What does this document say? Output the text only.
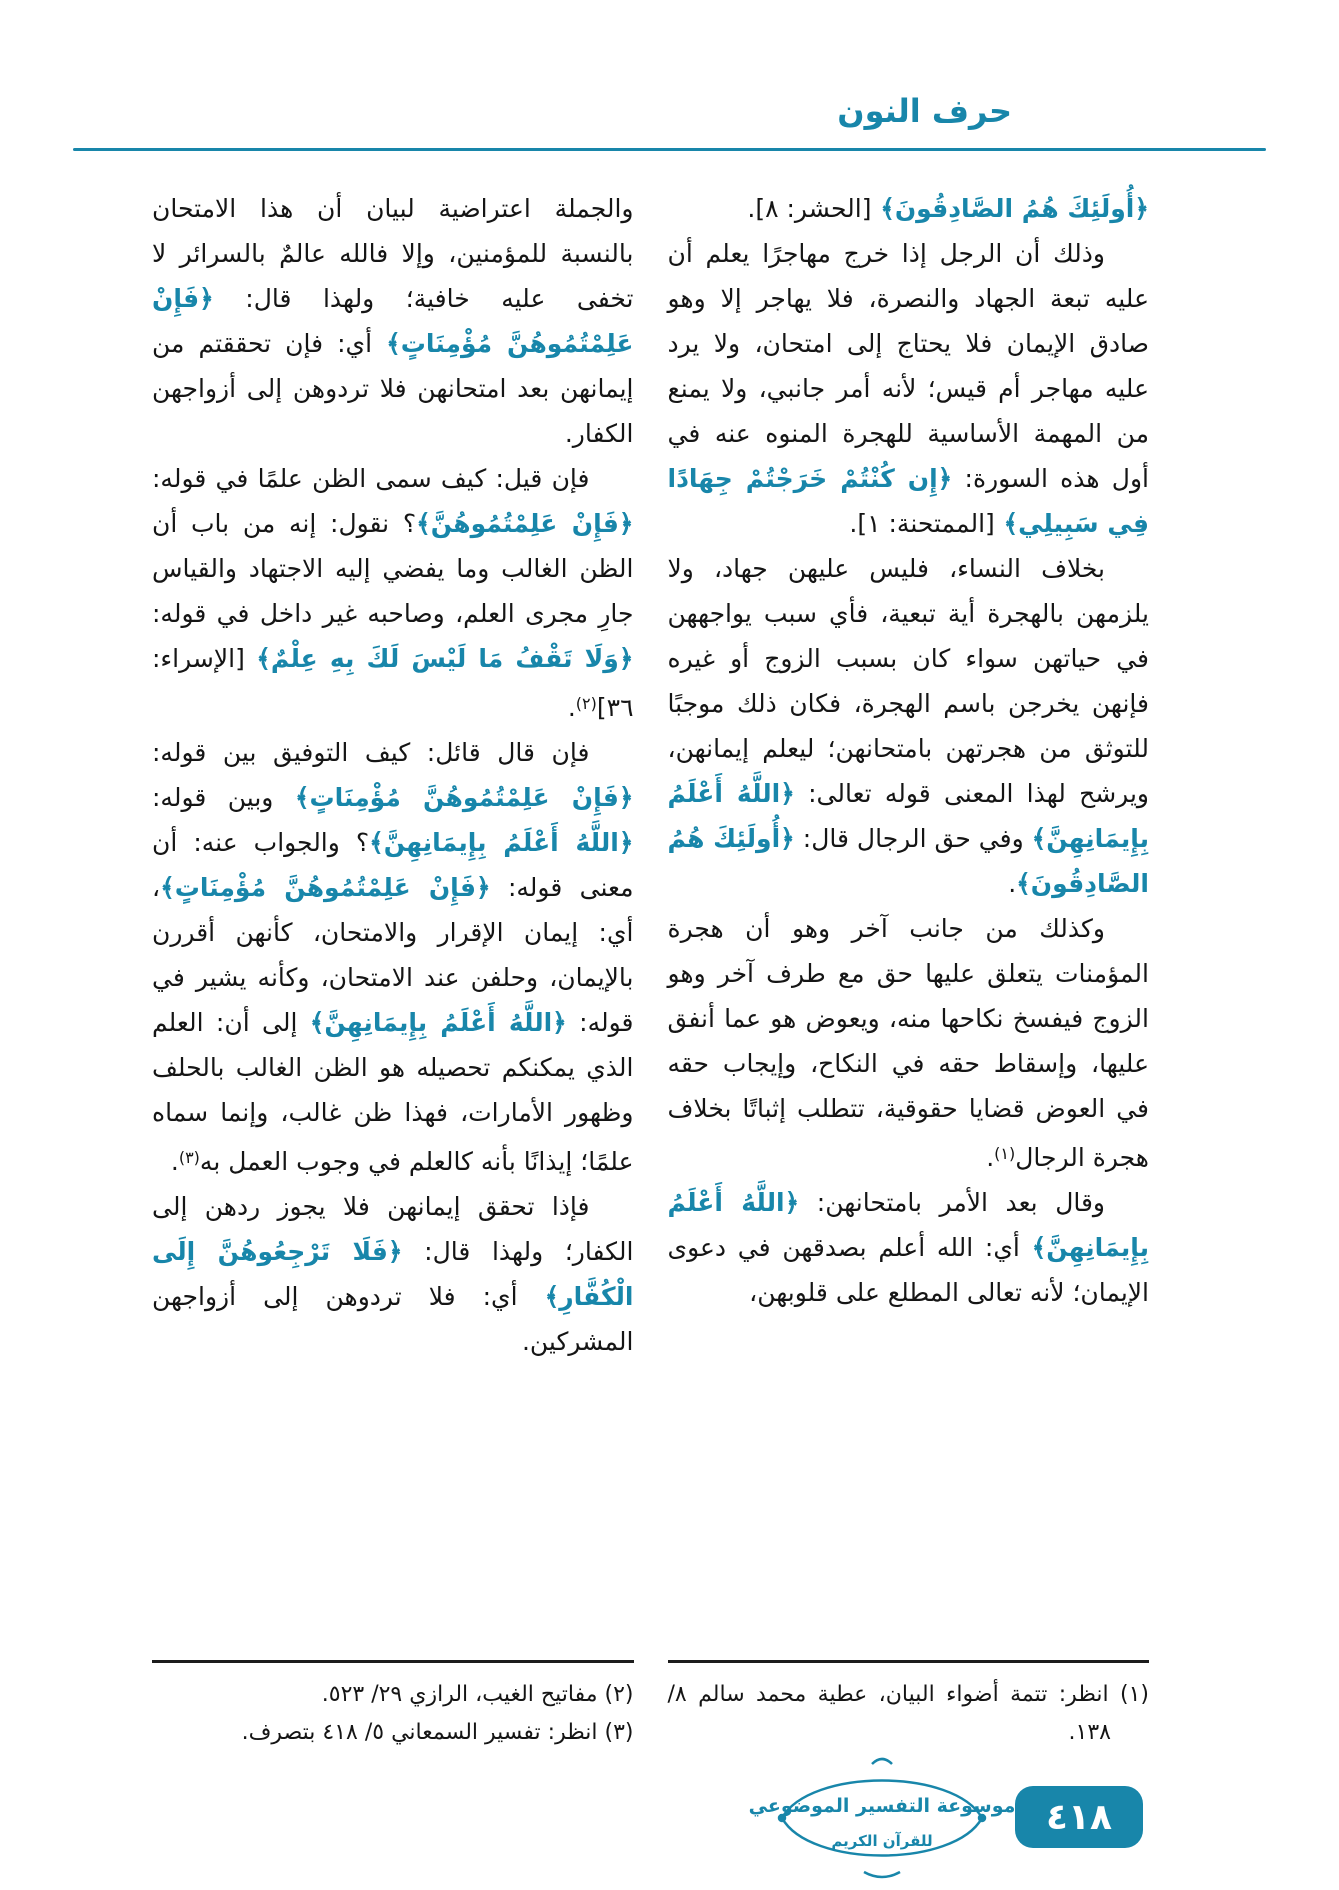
حرف النون

﴿أُولَئِكَ هُمُ الصَّادِقُونَ﴾ [الحشر: ٨].

وذلك أن الرجل إذا خرج مهاجرًا يعلم أن عليه تبعة الجهاد والنصرة، فلا يهاجر إلا وهو صادق الإيمان فلا يحتاج إلى امتحان، ولا يرد عليه مهاجر أم قيس؛ لأنه أمر جانبي، ولا يمنع من المهمة الأساسية للهجرة المنوه عنه في أول هذه السورة: ﴿إِن كُنْتُمْ خَرَجْتُمْ جِهَادًا فِي سَبِيلِي﴾ [الممتحنة: ١].

بخلاف النساء، فليس عليهن جهاد، ولا يلزمهن بالهجرة أية تبعية، فأي سبب يواجههن في حياتهن سواء كان بسبب الزوج أو غيره فإنهن يخرجن باسم الهجرة، فكان ذلك موجبًا للتوثق من هجرتهن بامتحانهن؛ ليعلم إيمانهن، ويرشح لهذا المعنى قوله تعالى: ﴿اللَّهُ أَعْلَمُ بِإِيمَانِهِنَّ﴾ وفي حق الرجال قال: ﴿أُولَئِكَ هُمُ الصَّادِقُونَ﴾.

وكذلك من جانب آخر وهو أن هجرة المؤمنات يتعلق عليها حق مع طرف آخر وهو الزوج فيفسخ نكاحها منه، ويعوض هو عما أنفق عليها، وإسقاط حقه في النكاح، وإيجاب حقه في العوض قضايا حقوقية، تتطلب إثباتًا بخلاف هجرة الرجال$^{(١)}$.

وقال بعد الأمر بامتحانهن: ﴿اللَّهُ أَعْلَمُ بِإِيمَانِهِنَّ﴾ أي: الله أعلم بصدقهن في دعوى الإيمان؛ لأنه تعالى المطلع على قلوبهن،

(١) انظر: تتمة أضواء البيان، عطية محمد سالم ٨/ ١٣٨.

والجملة اعتراضية لبيان أن هذا الامتحان بالنسبة للمؤمنين، وإلا فالله عالمٌ بالسرائر لا تخفى عليه خافية؛ ولهذا قال: ﴿فَإِنْ عَلِمْتُمُوهُنَّ مُؤْمِنَاتٍ﴾ أي: فإن تحققتم من إيمانهن بعد امتحانهن فلا تردوهن إلى أزواجهن الكفار.

فإن قيل: كيف سمى الظن علمًا في قوله: ﴿فَإِنْ عَلِمْتُمُوهُنَّ﴾؟ نقول: إنه من باب أن الظن الغالب وما يفضي إليه الاجتهاد والقياس جارِ مجرى العلم، وصاحبه غير داخل في قوله: ﴿وَلَا تَقْفُ مَا لَيْسَ لَكَ بِهِ عِلْمٌ﴾ [الإسراء: ٣٦]$^{(٢)}$.

فإن قال قائل: كيف التوفيق بين قوله: ﴿فَإِنْ عَلِمْتُمُوهُنَّ مُؤْمِنَاتٍ﴾ وبين قوله: ﴿اللَّهُ أَعْلَمُ بِإِيمَانِهِنَّ﴾؟ والجواب عنه: أن معنى قوله: ﴿فَإِنْ عَلِمْتُمُوهُنَّ مُؤْمِنَاتٍ﴾، أي: إيمان الإقرار والامتحان، كأنهن أقررن بالإيمان، وحلفن عند الامتحان، وكأنه يشير في قوله: ﴿اللَّهُ أَعْلَمُ بِإِيمَانِهِنَّ﴾ إلى أن: العلم الذي يمكنكم تحصيله هو الظن الغالب بالحلف وظهور الأمارات، فهذا ظن غالب، وإنما سماه علمًا؛ إيذانًا بأنه كالعلم في وجوب العمل به$^{(٣)}$.

فإذا تحقق إيمانهن فلا يجوز ردهن إلى الكفار؛ ولهذا قال: ﴿فَلَا تَرْجِعُوهُنَّ إِلَى الْكُفَّارِ﴾ أي: فلا تردوهن إلى أزواجهن المشركين.

(٢) مفاتيح الغيب، الرازي ٢٩/ ٥٢٣.
(٣) انظر: تفسير السمعاني ٥/ ٤١٨ بتصرف.
موسوعة التفسير الموضوعي
للقرآن الكريم
٤١٨
